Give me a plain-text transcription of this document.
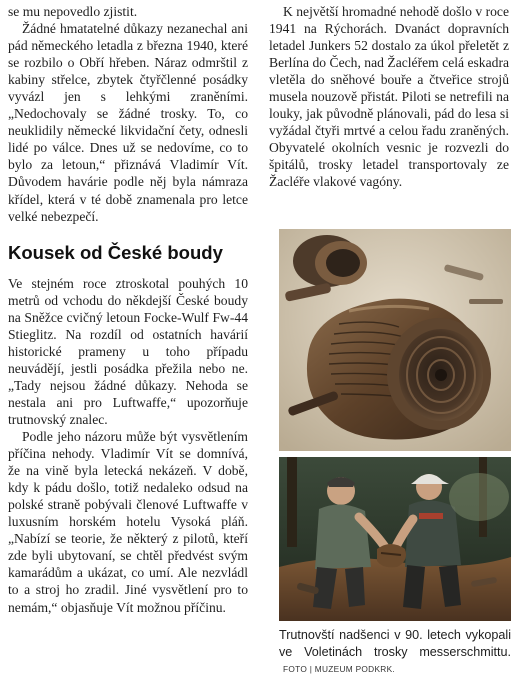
se mu nepovedlo zjistit.

Žádné hmatatelné důkazy nezanechal ani pád německého letadla z března 1940, které se rozbilo o Obří hřeben. Náraz odmrštil z kabiny střelce, zbytek čtyřčlenné posádky vyvázl jen s lehkými zraněními. „Nedochovaly se žádné trosky. To, co neuklidily německé likvidační čety, odnesli lidé po válce. Dnes už se nedovíme, co to bylo za letoun,“ přiznává Vladimír Vít. Důvodem havárie podle něj byla námraza křídel, která v té době znamenala pro letce velké nebezpečí.

Kousek od České boudy

Ve stejném roce ztroskotal pouhých 10 metrů od vchodu do někdejší České boudy na Sněžce cvičný letoun Focke-Wulf Fw-44 Stieglitz. Na rozdíl od ostatních havárií historické prameny u toho případu neuvádějí, jestli posádka přežila nebo ne. „Tady nejsou žádné důkazy. Nehoda se nestala ani pro Luftwaffe,“ upozorňuje trutnovský znalec.

Podle jeho názoru může být vysvětlením příčina nehody. Vladimír Vít se domnívá, že na vině byla letecká nekázeň. V době, kdy k pádu došlo, totiž nedaleko odsud na polské straně pobývali členové Luftwaffe v luxusním horském hotelu Vysoká pláň. „Nabízí se teorie, že některý z pilotů, kteří zde byli ubytovaní, se chtěl předvést svým kamarádům a ukázat, co umí. Ale nezvládl to a stroj ho zradil. Jiné vysvětlení pro to nemám,“ objasňuje Vít možnou příčinu.

K největší hromadné nehodě došlo v roce 1941 na Rýchorách. Dvanáct dopravních letadel Junkers 52 dostalo za úkol přeletět z Berlína do Čech, nad Žacléřem celá eskadra vletěla do sněhové bouře a čtveřice strojů musela nouzově přistát. Piloti se netrefili na louky, jak původně plánovali, pád do lesa si vyžádal čtyři mrtvé a celou řadu zraněných. Obyvatelé okolních vesnic je rozvezli do špitálů, trosky letadel transportovaly ze Žacléře vlakové vagóny.

Trutnovští nadšenci v 90. letech vykopali ve Voletinách trosky messerschmittu. FOTO | MUZEUM PODKRK.
